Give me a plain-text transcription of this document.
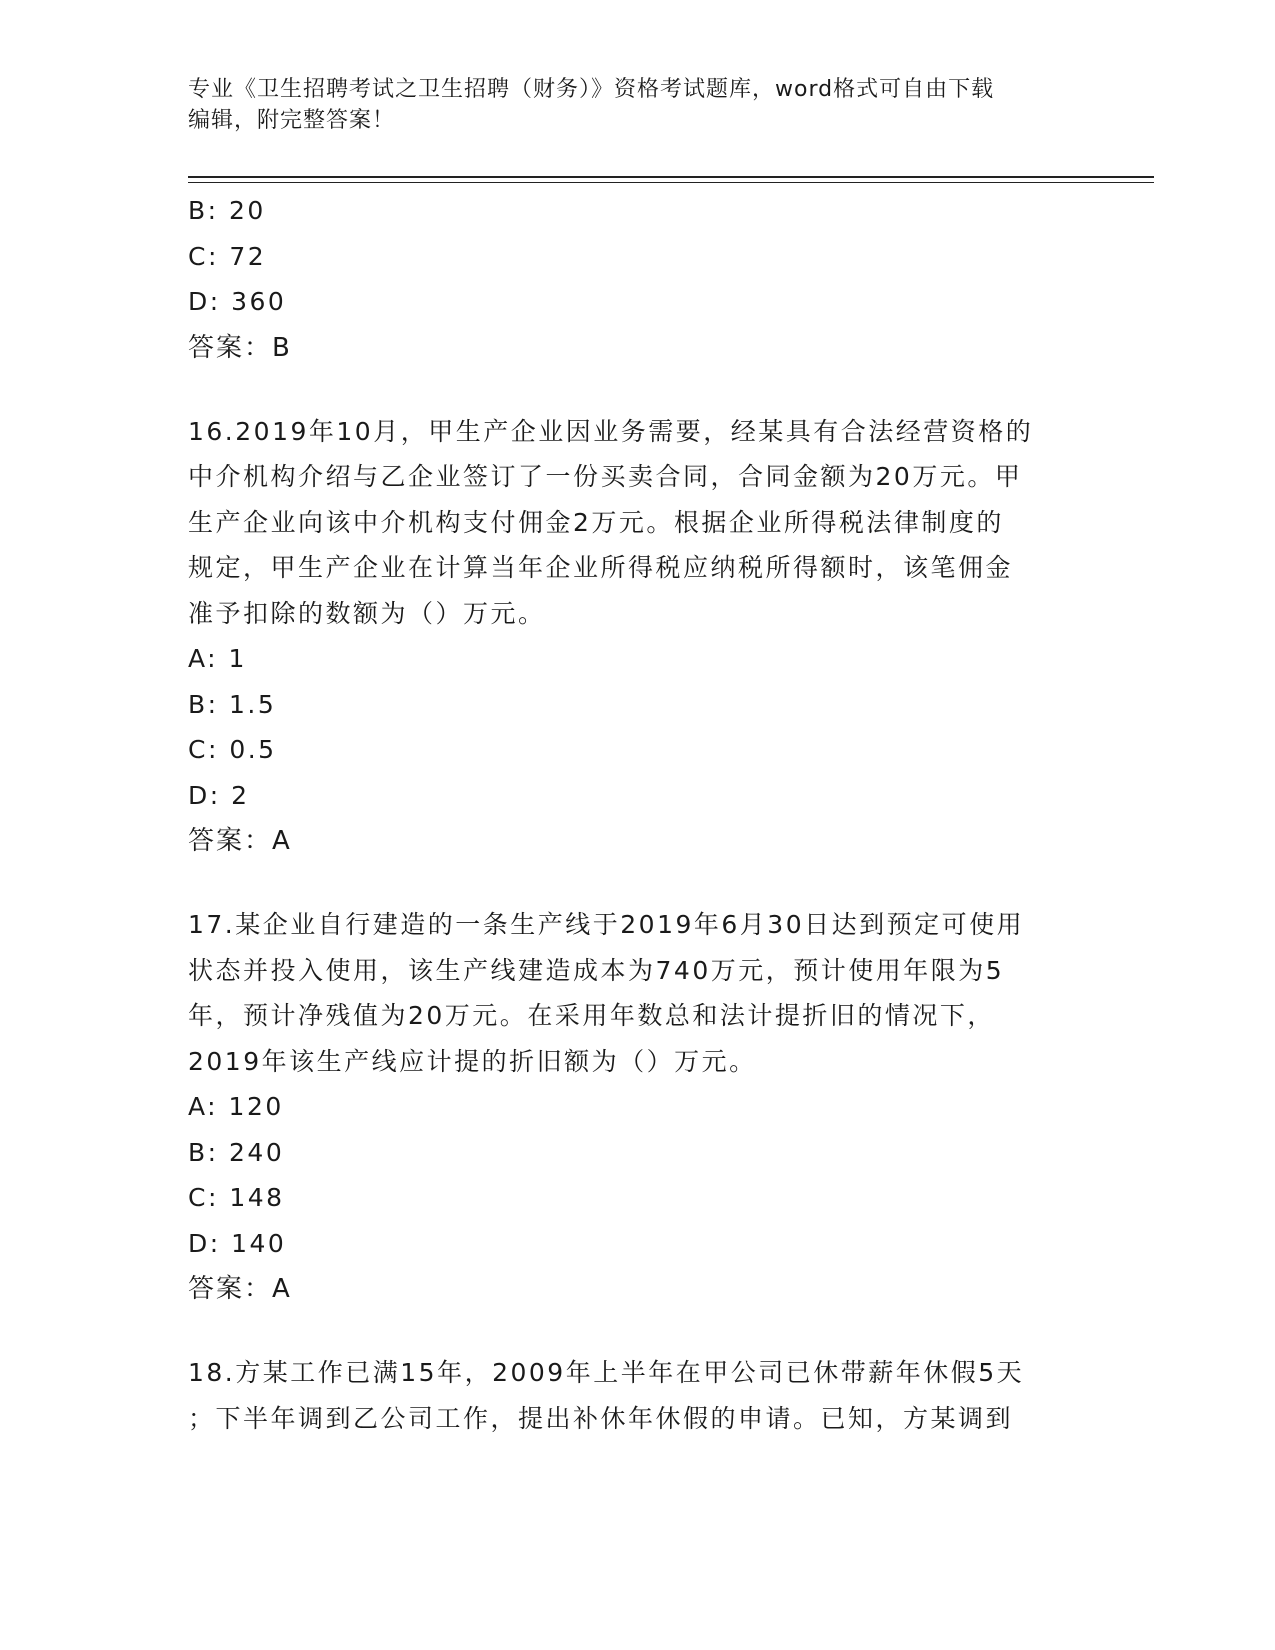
专业《卫生招聘考试之卫生招聘（财务）》资格考试题库，word格式可自由下载
编辑，附完整答案！
B: 20
C: 72
D: 360
答案：B
16.2019年10月，甲生产企业因业务需要，经某具有合法经营资格的
中介机构介绍与乙企业签订了一份买卖合同，合同金额为20万元。甲
生产企业向该中介机构支付佣金2万元。根据企业所得税法律制度的
规定，甲生产企业在计算当年企业所得税应纳税所得额时，该笔佣金
准予扣除的数额为（）万元。
A: 1
B: 1.5
C: 0.5
D: 2
答案：A
17.某企业自行建造的一条生产线于2019年6月30日达到预定可使用
状态并投入使用，该生产线建造成本为740万元，预计使用年限为5
年，预计净残值为20万元。在采用年数总和法计提折旧的情况下，
2019年该生产线应计提的折旧额为（）万元。
A: 120
B: 240
C: 148
D: 140
答案：A
18.方某工作已满15年，2009年上半年在甲公司已休带薪年休假5天
；下半年调到乙公司工作，提出补休年休假的申请。已知，方某调到
